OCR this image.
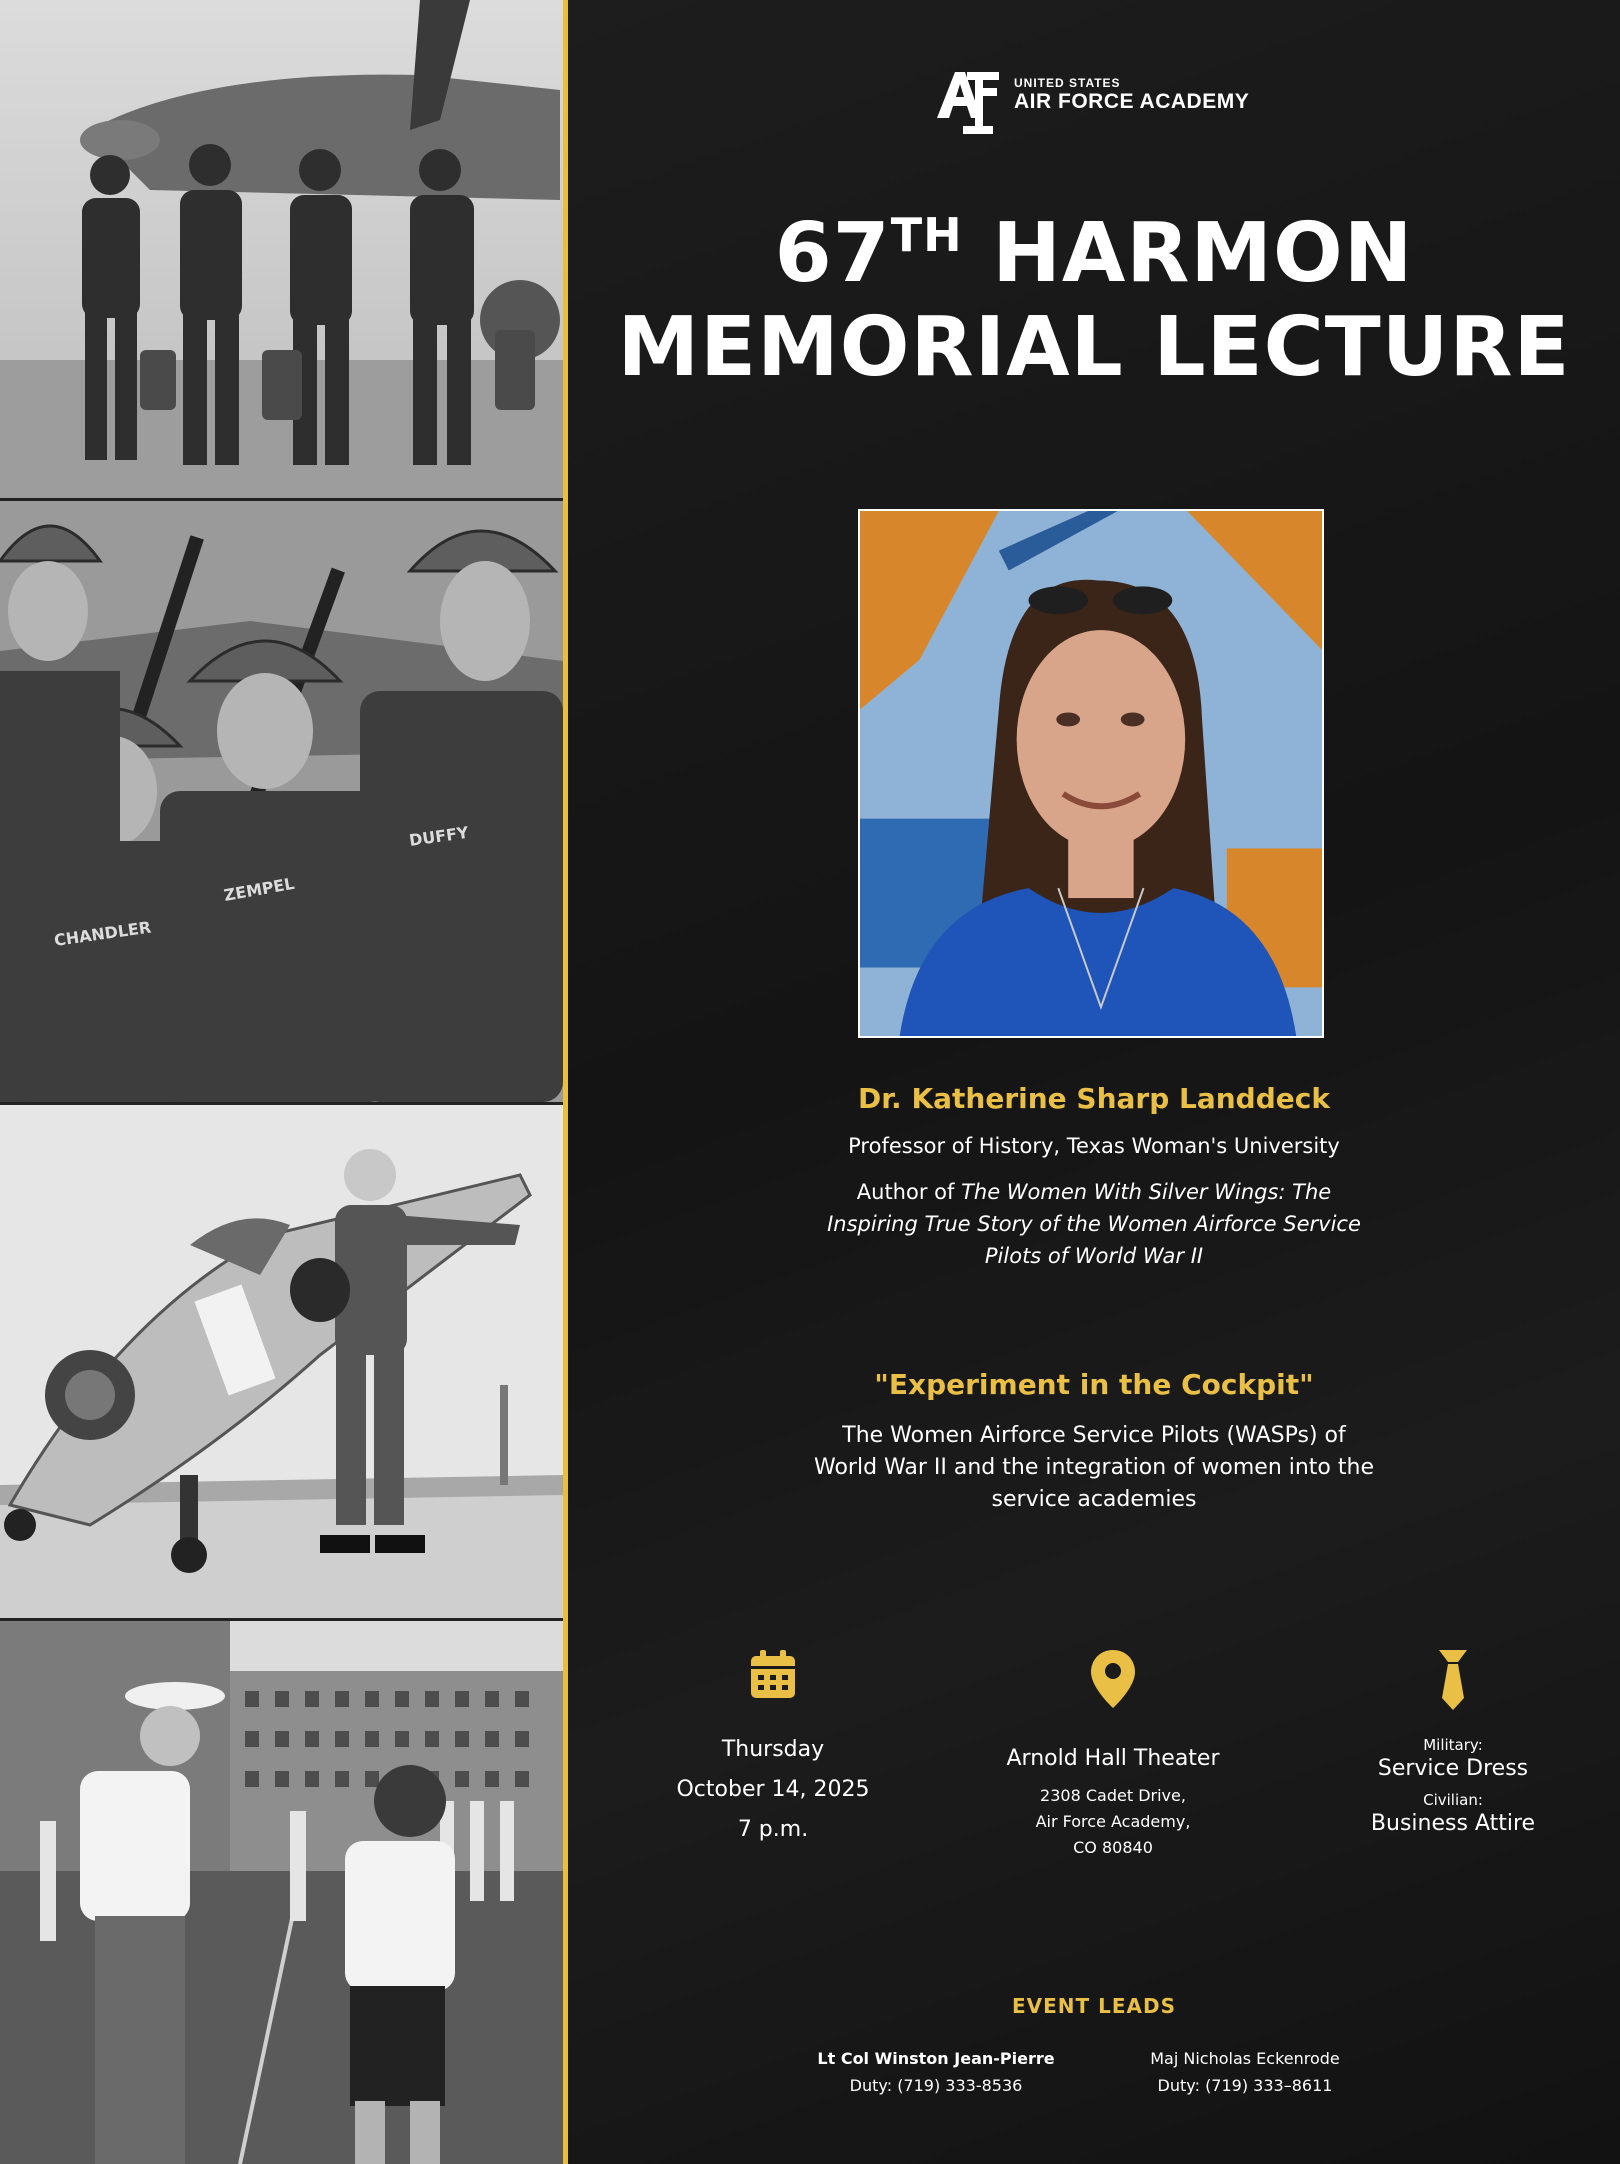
CHANDLER
ZEMPEL
DUFFY
UNITED STATES
AIR FORCE ACADEMY
67TH HARMON
MEMORIAL LECTURE
Dr. Katherine Sharp Landdeck
Professor of History, Texas Woman's University
Author of The Women With Silver Wings: The Inspiring True Story of the Women Airforce Service Pilots of World War II
"Experiment in the Cockpit"
The Women Airforce Service Pilots (WASPs) of World War II and the integration of women into the service academies
Thursday
October 14, 2025
7 p.m.
Arnold Hall Theater
2308 Cadet Drive,
Air Force Academy,
CO 80840
Military:
Service Dress
Civilian:
Business Attire
EVENT LEADS
Lt Col Winston Jean-Pierre
Duty: (719) 333-8536
Maj Nicholas Eckenrode
Duty: (719) 333–8611
